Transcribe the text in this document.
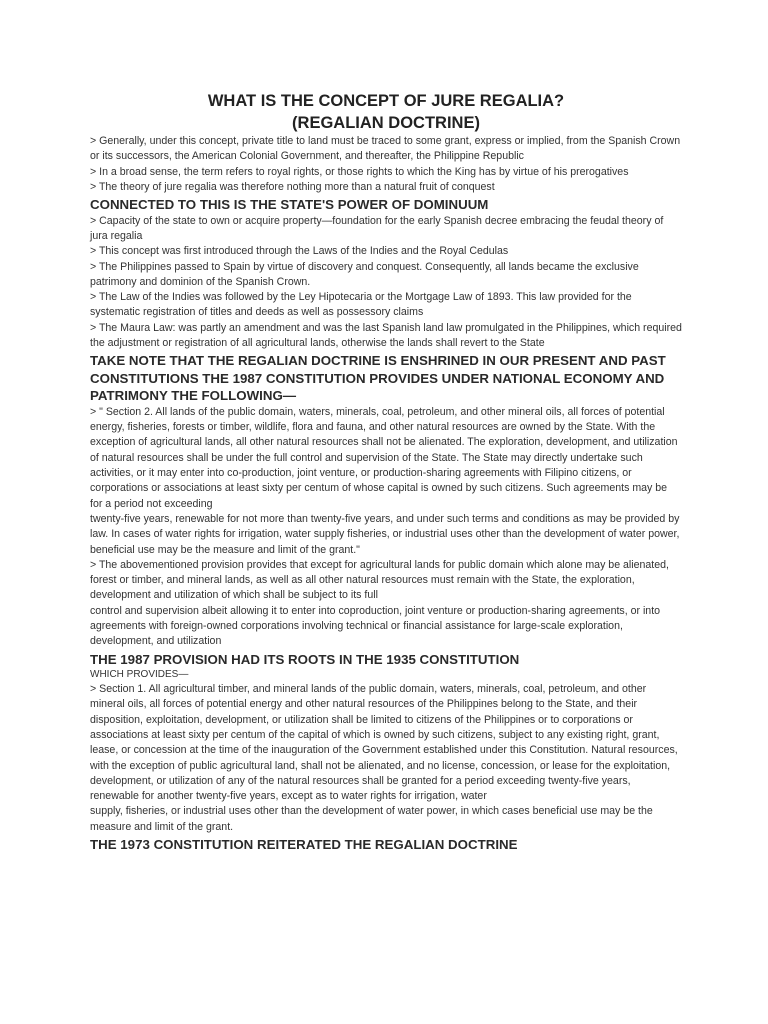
WHAT IS THE CONCEPT OF JURE REGALIA?
(REGALIAN DOCTRINE)

> Generally, under this concept, private title to land must be traced to some grant, express or implied, from the Spanish Crown or its successors, the American Colonial Government, and thereafter, the Philippine Republic

> In a broad sense, the term refers to royal rights, or those rights to which the King has by virtue of his prerogatives

> The theory of jure regalia was therefore nothing more than a natural fruit of conquest

CONNECTED TO THIS IS THE STATE'S POWER OF DOMINUUM

> Capacity of the state to own or acquire property—foundation for the early Spanish decree embracing the feudal theory of jura regalia

> This concept was first introduced through the Laws of the Indies and the Royal Cedulas

> The Philippines passed to Spain by virtue of discovery and conquest. Consequently, all lands became the exclusive patrimony and dominion of the Spanish Crown.

> The Law of the Indies was followed by the Ley Hipotecaria or the Mortgage Law of 1893. This law provided for the systematic registration of titles and deeds as well as possessory claims

> The Maura Law: was partly an amendment and was the last Spanish land law promulgated in the Philippines, which required the adjustment or registration of all agricultural lands, otherwise the lands shall revert to the State

TAKE NOTE THAT THE REGALIAN DOCTRINE IS ENSHRINED IN OUR PRESENT AND PAST CONSTITUTIONS THE 1987 CONSTITUTION PROVIDES UNDER NATIONAL ECONOMY AND PATRIMONY THE FOLLOWING—

> " Section 2. All lands of the public domain, waters, minerals, coal, petroleum, and other mineral oils, all forces of potential energy, fisheries, forests or timber, wildlife, flora and fauna, and other natural resources are owned by the State. With the exception of agricultural lands, all other natural resources shall not be alienated. The exploration, development, and utilization of natural resources shall be under the full control and supervision of the State. The State may directly undertake such activities, or it may enter into co-production, joint venture, or production-sharing agreements with Filipino citizens, or corporations or associations at least sixty per centum of whose capital is owned by such citizens. Such agreements may be for a period not exceeding

twenty-five years, renewable for not more than twenty-five years, and under such terms and conditions as may be provided by law. In cases of water rights for irrigation, water supply fisheries, or industrial uses other than the development of water power, beneficial use may be the measure and limit of the grant."

> The abovementioned provision provides that except for agricultural lands for public domain which alone may be alienated, forest or timber, and mineral lands, as well as all other natural resources must remain with the State, the exploration, development and utilization of which shall be subject to its full

control and supervision albeit allowing it to enter into coproduction, joint venture or production-sharing agreements, or into agreements with foreign-owned corporations involving technical or financial assistance for large-scale exploration, development, and utilization

THE 1987 PROVISION HAD ITS ROOTS IN THE 1935 CONSTITUTION

WHICH PROVIDES—

> Section 1. All agricultural timber, and mineral lands of the public domain, waters, minerals, coal, petroleum, and other mineral oils, all forces of potential energy and other natural resources of the Philippines belong to the State, and their disposition, exploitation, development, or utilization shall be limited to citizens of the Philippines or to corporations or associations at least sixty per centum of the capital of which is owned by such citizens, subject to any existing right, grant, lease, or concession at the time of the inauguration of the Government established under this Constitution. Natural resources, with the exception of public agricultural land, shall not be alienated, and no license, concession, or lease for the exploitation, development, or utilization of any of the natural resources shall be granted for a period exceeding twenty-five years, renewable for another twenty-five years, except as to water rights for irrigation, water

supply, fisheries, or industrial uses other than the development of water power, in which cases beneficial use may be the measure and limit of the grant.

THE 1973 CONSTITUTION REITERATED THE REGALIAN DOCTRINE
